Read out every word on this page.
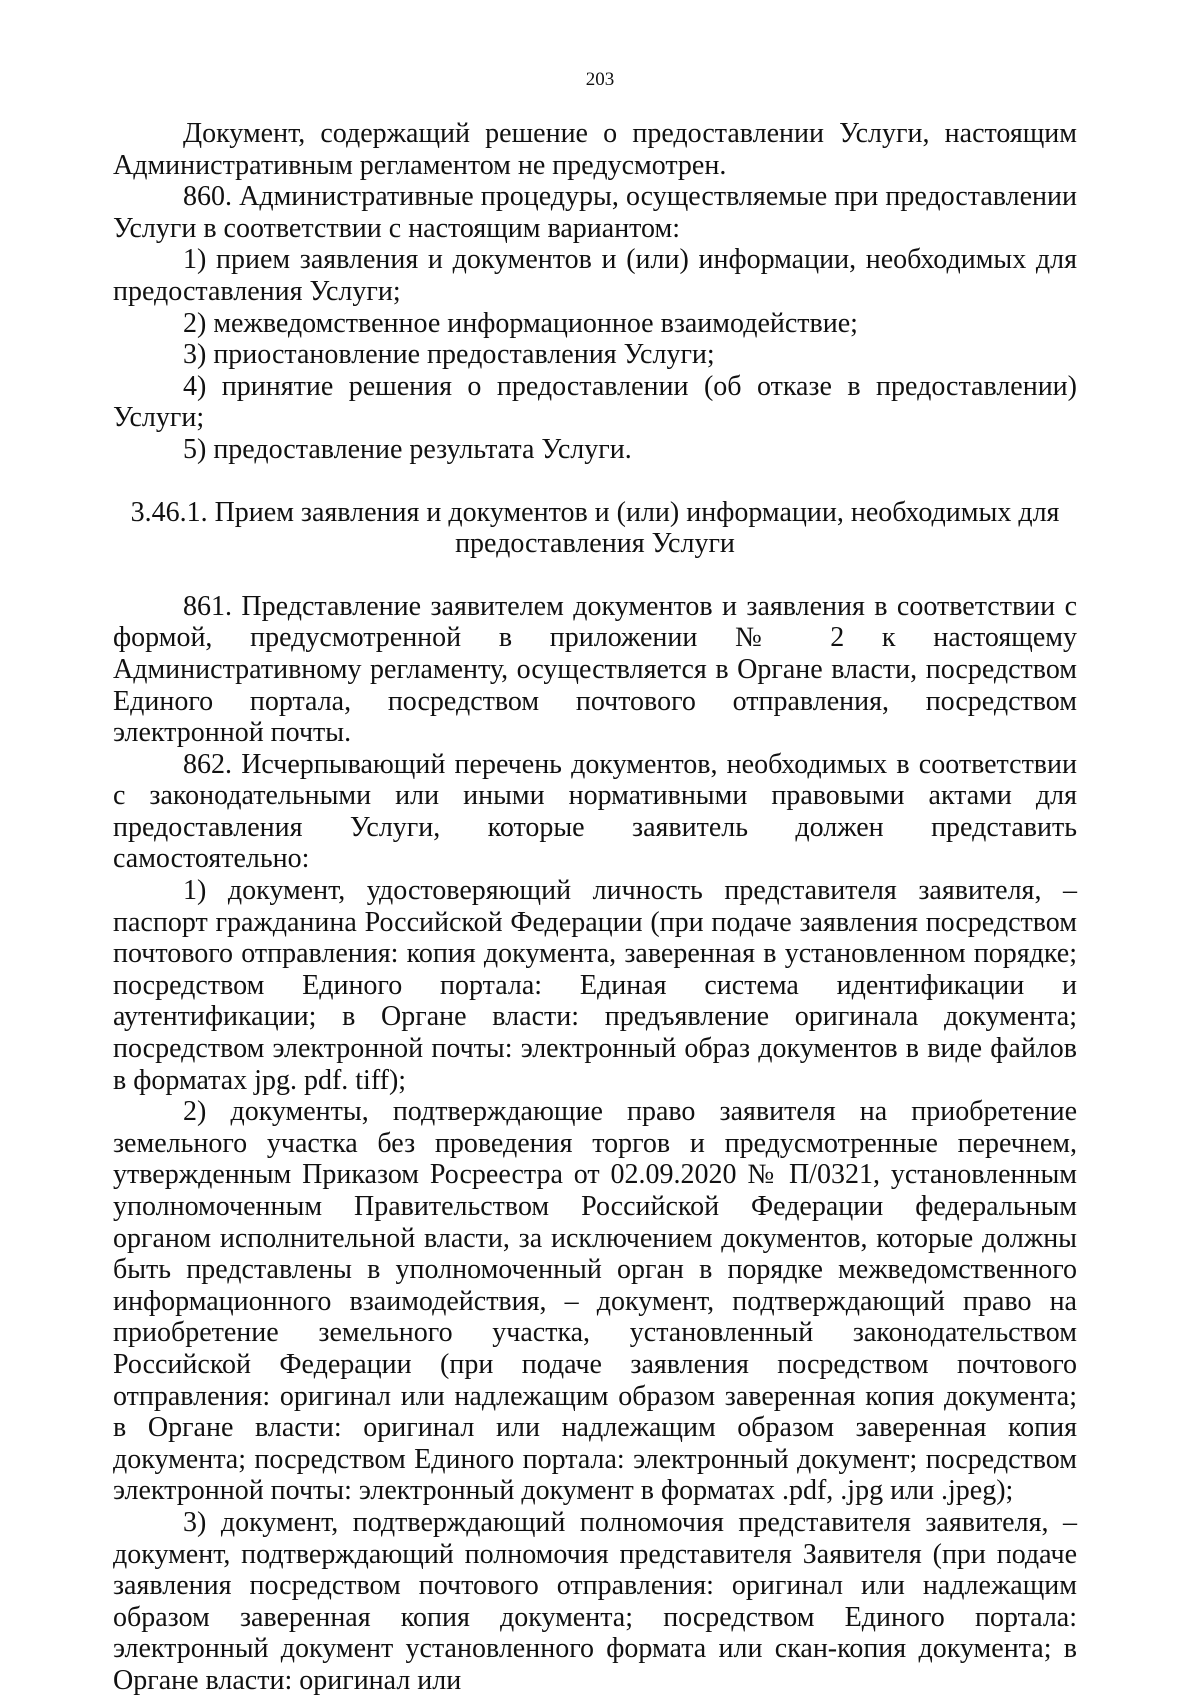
203

Документ, содержащий решение о предоставлении Услуги, настоящим Административным регламентом не предусмотрен.

860. Административные процедуры, осуществляемые при предоставлении Услуги в соответствии с настоящим вариантом:

1) прием заявления и документов и (или) информации, необходимых для предоставления Услуги;

2) межведомственное информационное взаимодействие;

3) приостановление предоставления Услуги;

4) принятие решения о предоставлении (об отказе в предоставлении) Услуги;

5) предоставление результата Услуги.

3.46.1. Прием заявления и документов и (или) информации, необходимых для
предоставления Услуги

861. Представление заявителем документов и заявления в соответствии с формой, предусмотренной в приложении № 2 к настоящему Административному регламенту, осуществляется в Органе власти, посредством Единого портала, посредством почтового отправления, посредством электронной почты.

862. Исчерпывающий перечень документов, необходимых в соответствии с законодательными или иными нормативными правовыми актами для предоставления Услуги, которые заявитель должен представить самостоятельно:

1) документ, удостоверяющий личность представителя заявителя, – паспорт гражданина Российской Федерации (при подаче заявления посредством почтового отправления: копия документа, заверенная в установленном порядке; посредством Единого портала: Единая система идентификации и аутентификации; в Органе власти: предъявление оригинала документа; посредством электронной почты: электронный образ документов в виде файлов в форматах jpg. pdf. tiff);

2) документы, подтверждающие право заявителя на приобретение земельного участка без проведения торгов и предусмотренные перечнем, утвержденным Приказом Росреестра от 02.09.2020 № П/0321, установленным уполномоченным Правительством Российской Федерации федеральным органом исполнительной власти, за исключением документов, которые должны быть представлены в уполномоченный орган в порядке межведомственного информационного взаимодействия, – документ, подтверждающий право на приобретение земельного участка, установленный законодательством Российской Федерации (при подаче заявления посредством почтового отправления: оригинал или надлежащим образом заверенная копия документа; в Органе власти: оригинал или надлежащим образом заверенная копия документа; посредством Единого портала: электронный документ; посредством электронной почты: электронный документ в форматах .pdf, .jpg или .jpeg);

3) документ, подтверждающий полномочия представителя заявителя, – документ, подтверждающий полномочия представителя Заявителя (при подаче заявления посредством почтового отправления: оригинал или надлежащим образом заверенная копия документа; посредством Единого портала: электронный документ установленного формата или скан-копия документа; в Органе власти: оригинал или
